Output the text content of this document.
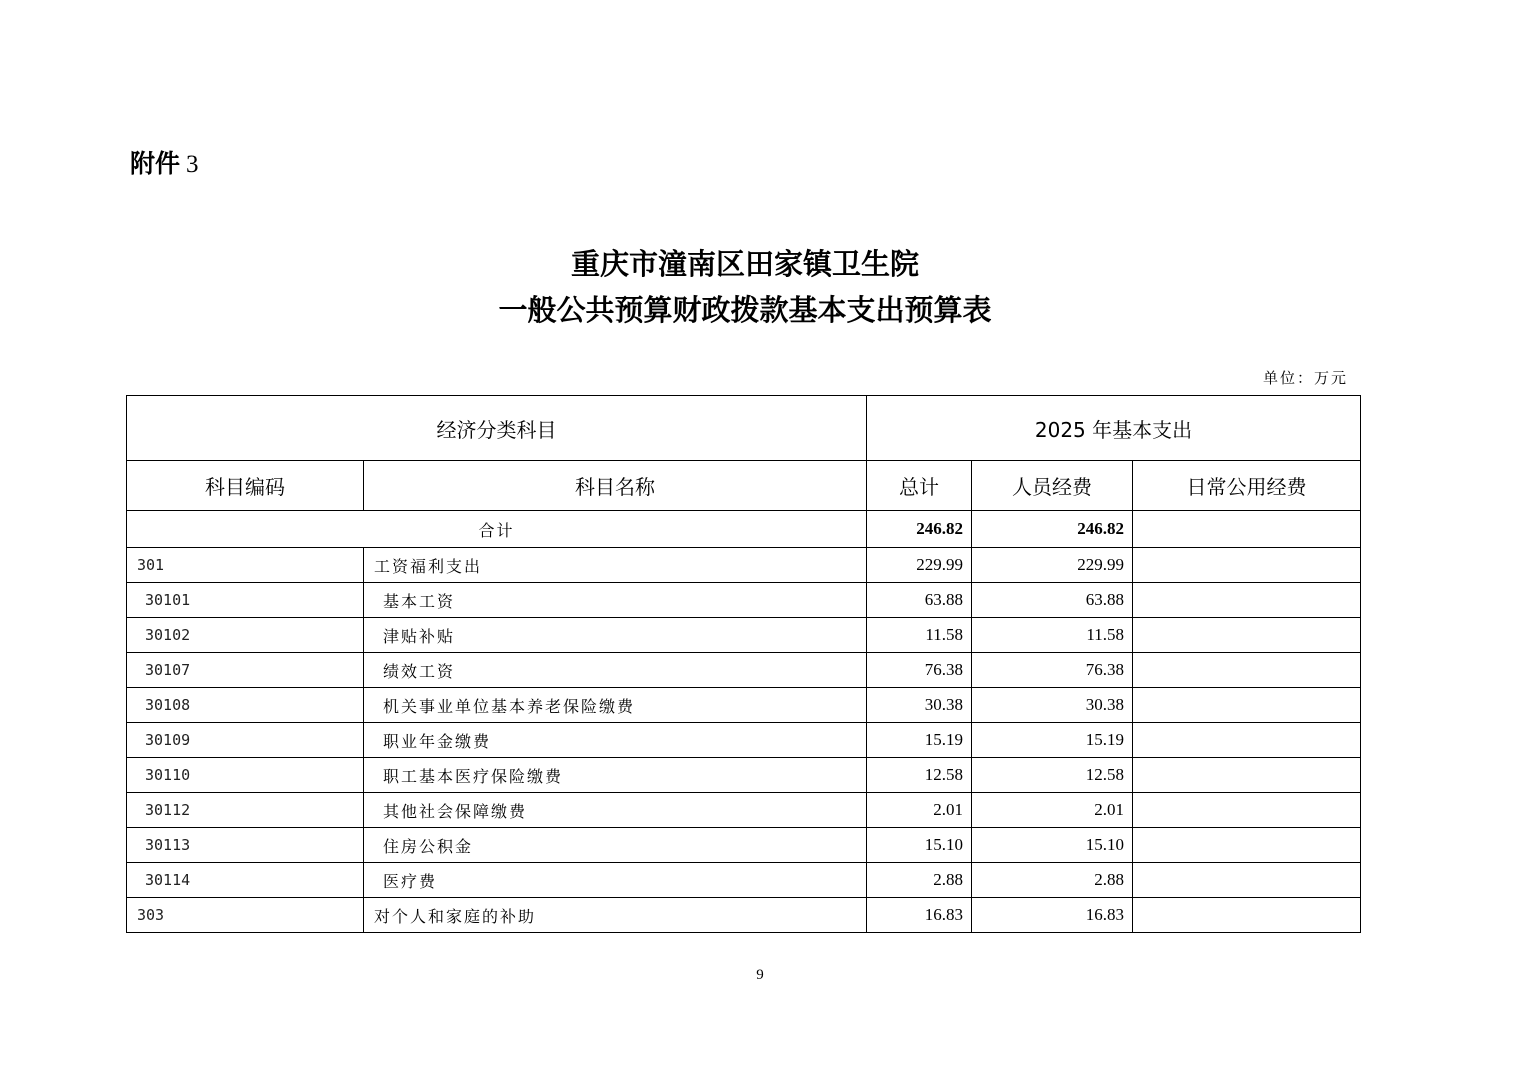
附件 3
重庆市潼南区田家镇卫生院
一般公共预算财政拨款基本支出预算表
单位：万元
经济分类科目		2025 年基本支出		
科目编码	科目名称	总计	人员经费	日常公用经费
合计		246.82	246.82	
301	工资福利支出	229.99	229.99	
30101	基本工资	63.88	63.88	
30102	津贴补贴	11.58	11.58	
30107	绩效工资	76.38	76.38	
30108	机关事业单位基本养老保险缴费	30.38	30.38	
30109	职业年金缴费	15.19	15.19	
30110	职工基本医疗保险缴费	12.58	12.58	
30112	其他社会保障缴费	2.01	2.01	
30113	住房公积金	15.10	15.10	
30114	医疗费	2.88	2.88	
303	对个人和家庭的补助	16.83	16.83	
9
